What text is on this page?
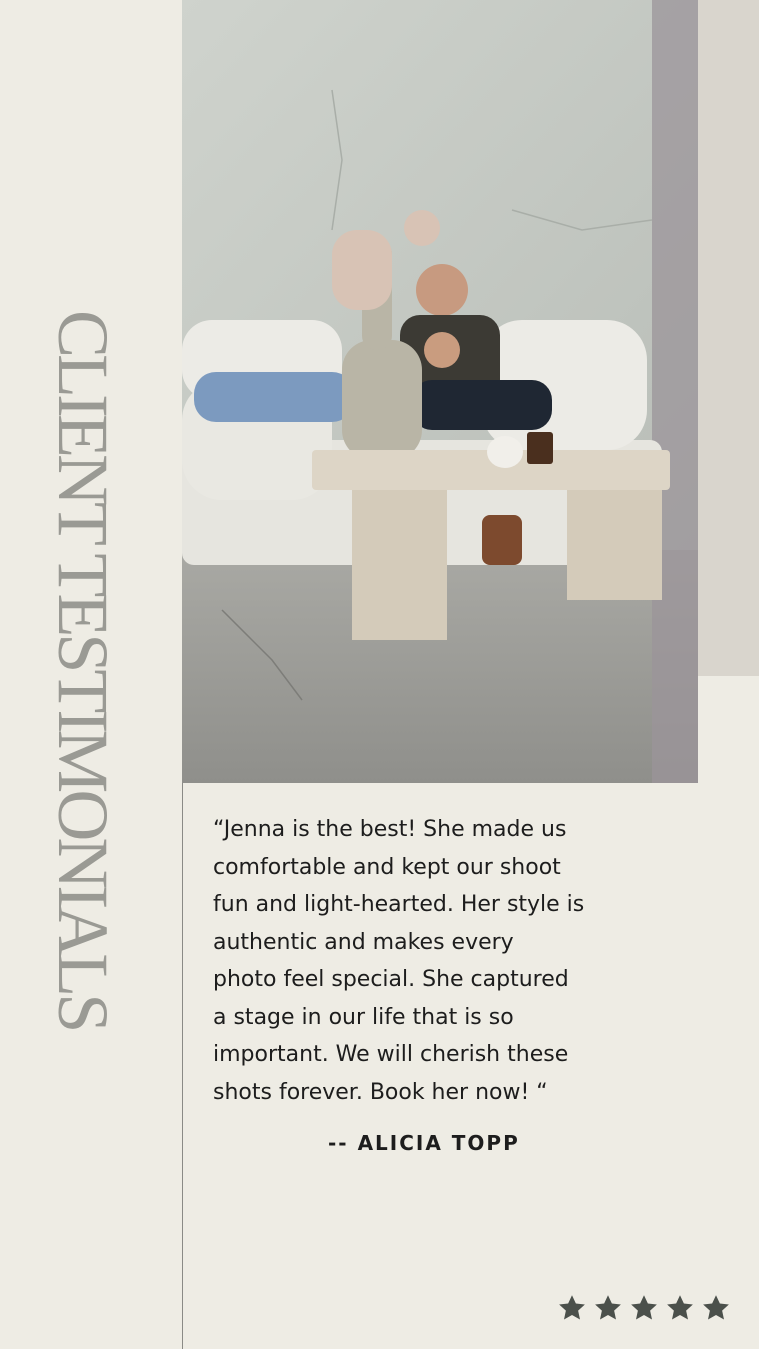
CLIENT TESTIMONIALS	“Jenna is the best! She made us
comfortable and kept our shoot
fun and light-hearted. Her style is
authentic and makes every
photo feel special. She captured
a stage in our life that is so
important. We will cherish these
shots forever. Book her now! “

-- ALICIA TOPP
